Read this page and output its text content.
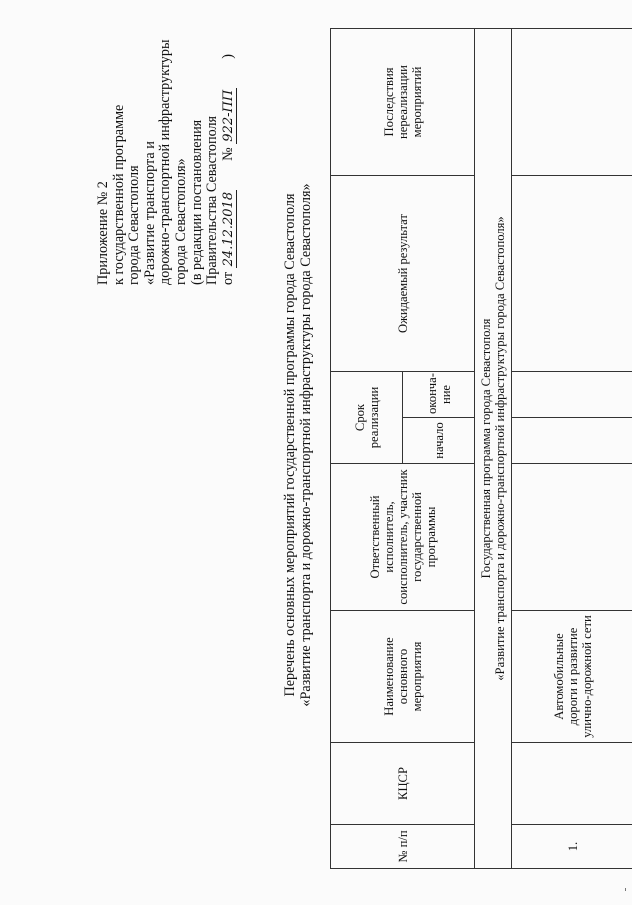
Приложение № 2 к государственной программе города Севастополя «Развитие транспорта и дорожно-транспортной инфраструктуры города Севастополя» (в редакции постановления Правительства Севастополя от 24.12.2018  № 922-ПП  )
Перечень основных мероприятий государственной программы города Севастополя «Развитие транспорта и дорожно-транспортной инфраструктуры города Севастополя»
№ п/п	КЦСР	Наименование основного мероприятия	Ответственный исполнитель, соисполнитель, участник государственной программы	Срок реализации		Ожидаемый результат	Последствия нереализации мероприятий
				начало	оконча-ние		

Государственная программа города Севастополя «Развитие транспорта и дорожно-транспортной инфраструктуры города Севастополя»							

1.		Автомобильные дороги и развитие улично-дорожной сети					
